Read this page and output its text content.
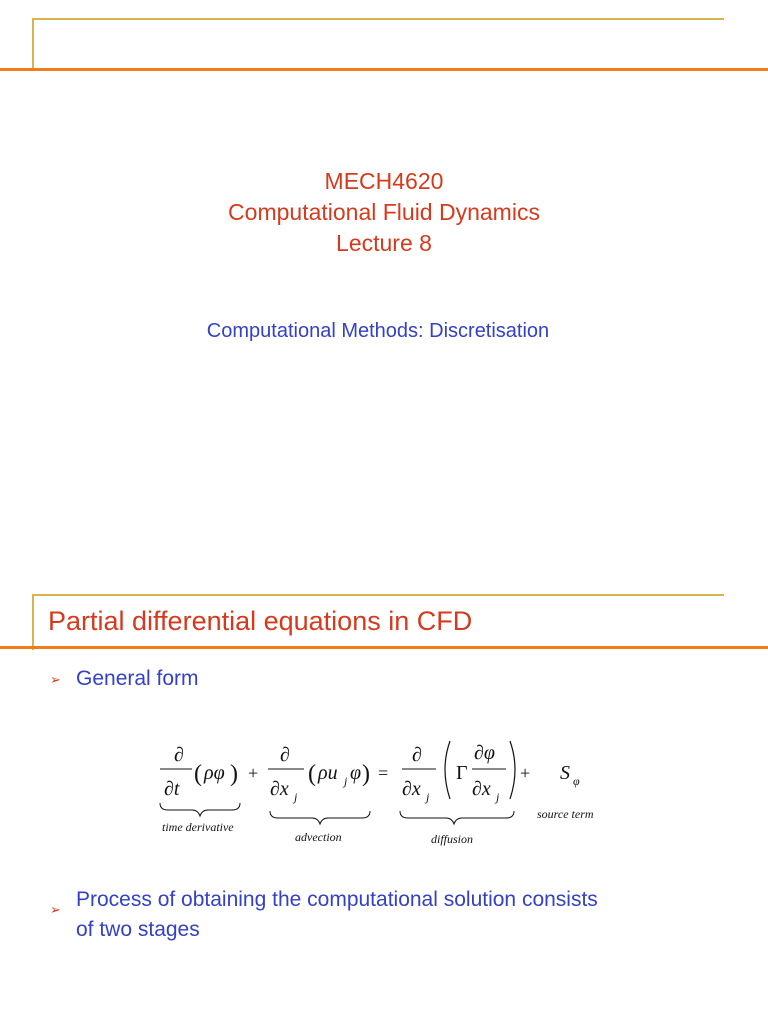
MECH4620
Computational Fluid Dynamics
Lecture 8
Computational Methods: Discretisation
Partial differential equations in CFD
➢ General form
∂
∂t
( ρφ ) +
∂
∂x j
( ρu j φ ) =
∂
∂x j
Γ
∂φ
∂x j
+ S φ
time derivative
advection	diffusion
source term
➢ Process of obtaining the computational solution consists
of two stages
